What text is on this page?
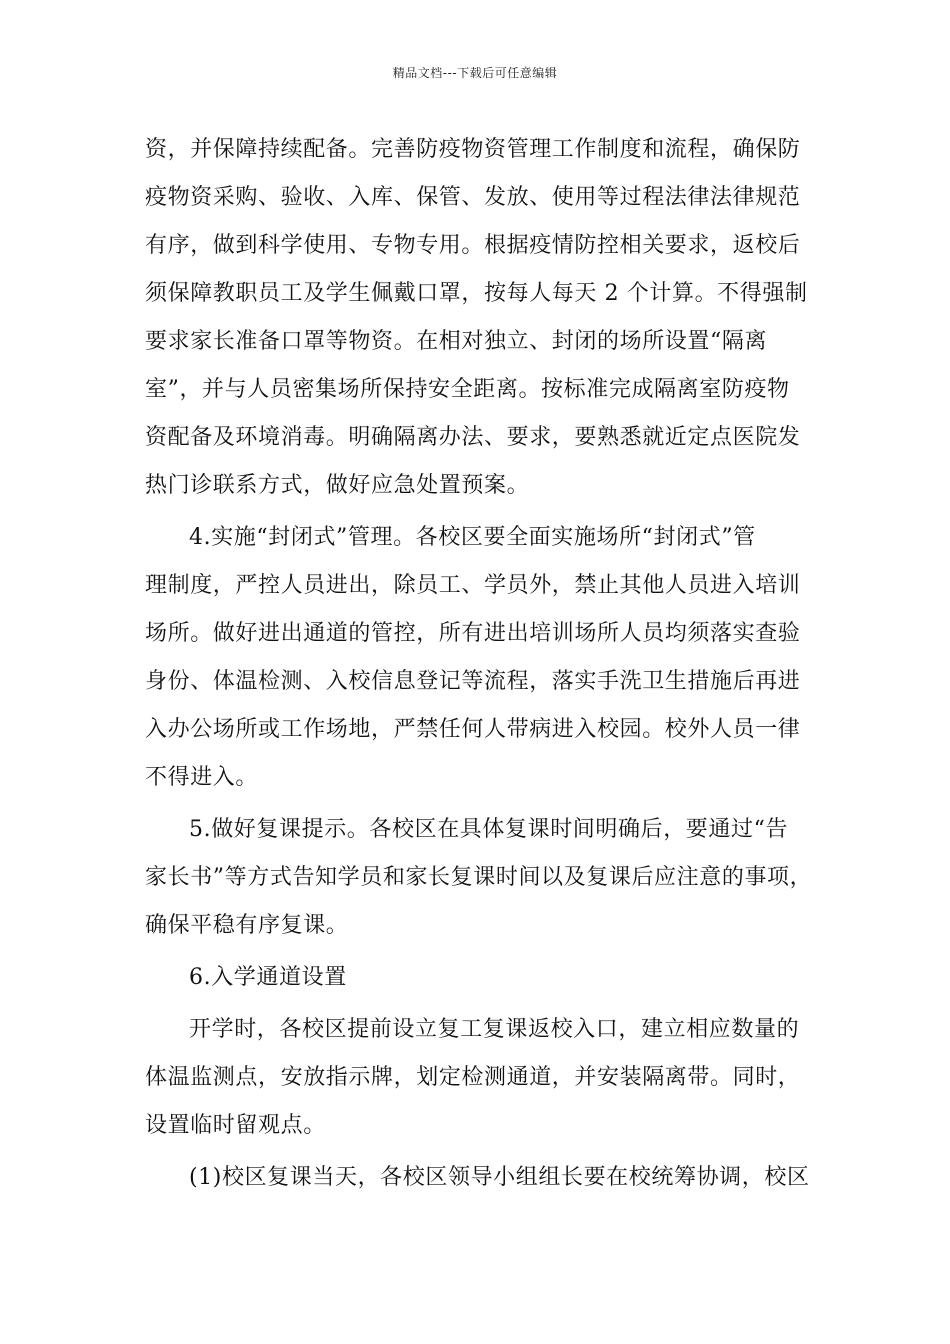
精品文档---下载后可任意编辑
资，并保障持续配备。完善防疫物资管理工作制度和流程，确保防
疫物资采购、验收、入库、保管、发放、使用等过程法律法律规范
有序，做到科学使用、专物专用。根据疫情防控相关要求，返校后
须保障教职员工及学生佩戴口罩，按每人每天 2 个计算。不得强制
要求家长准备口罩等物资。在相对独立、封闭的场所设置“隔离
室”，并与人员密集场所保持安全距离。按标准完成隔离室防疫物
资配备及环境消毒。明确隔离办法、要求，要熟悉就近定点医院发
热门诊联系方式，做好应急处置预案。
4.实施“封闭式”管理。各校区要全面实施场所“封闭式”管
理制度，严控人员进出，除员工、学员外，禁止其他人员进入培训
场所。做好进出通道的管控，所有进出培训场所人员均须落实查验
身份、体温检测、入校信息登记等流程，落实手洗卫生措施后再进
入办公场所或工作场地，严禁任何人带病进入校园。校外人员一律
不得进入。
5.做好复课提示。各校区在具体复课时间明确后，要通过“告
家长书”等方式告知学员和家长复课时间以及复课后应注意的事项，
确保平稳有序复课。
6.入学通道设置
开学时，各校区提前设立复工复课返校入口，建立相应数量的
体温监测点，安放指示牌，划定检测通道，并安装隔离带。同时，
设置临时留观点。
(1)校区复课当天，各校区领导小组组长要在校统筹协调，校区
